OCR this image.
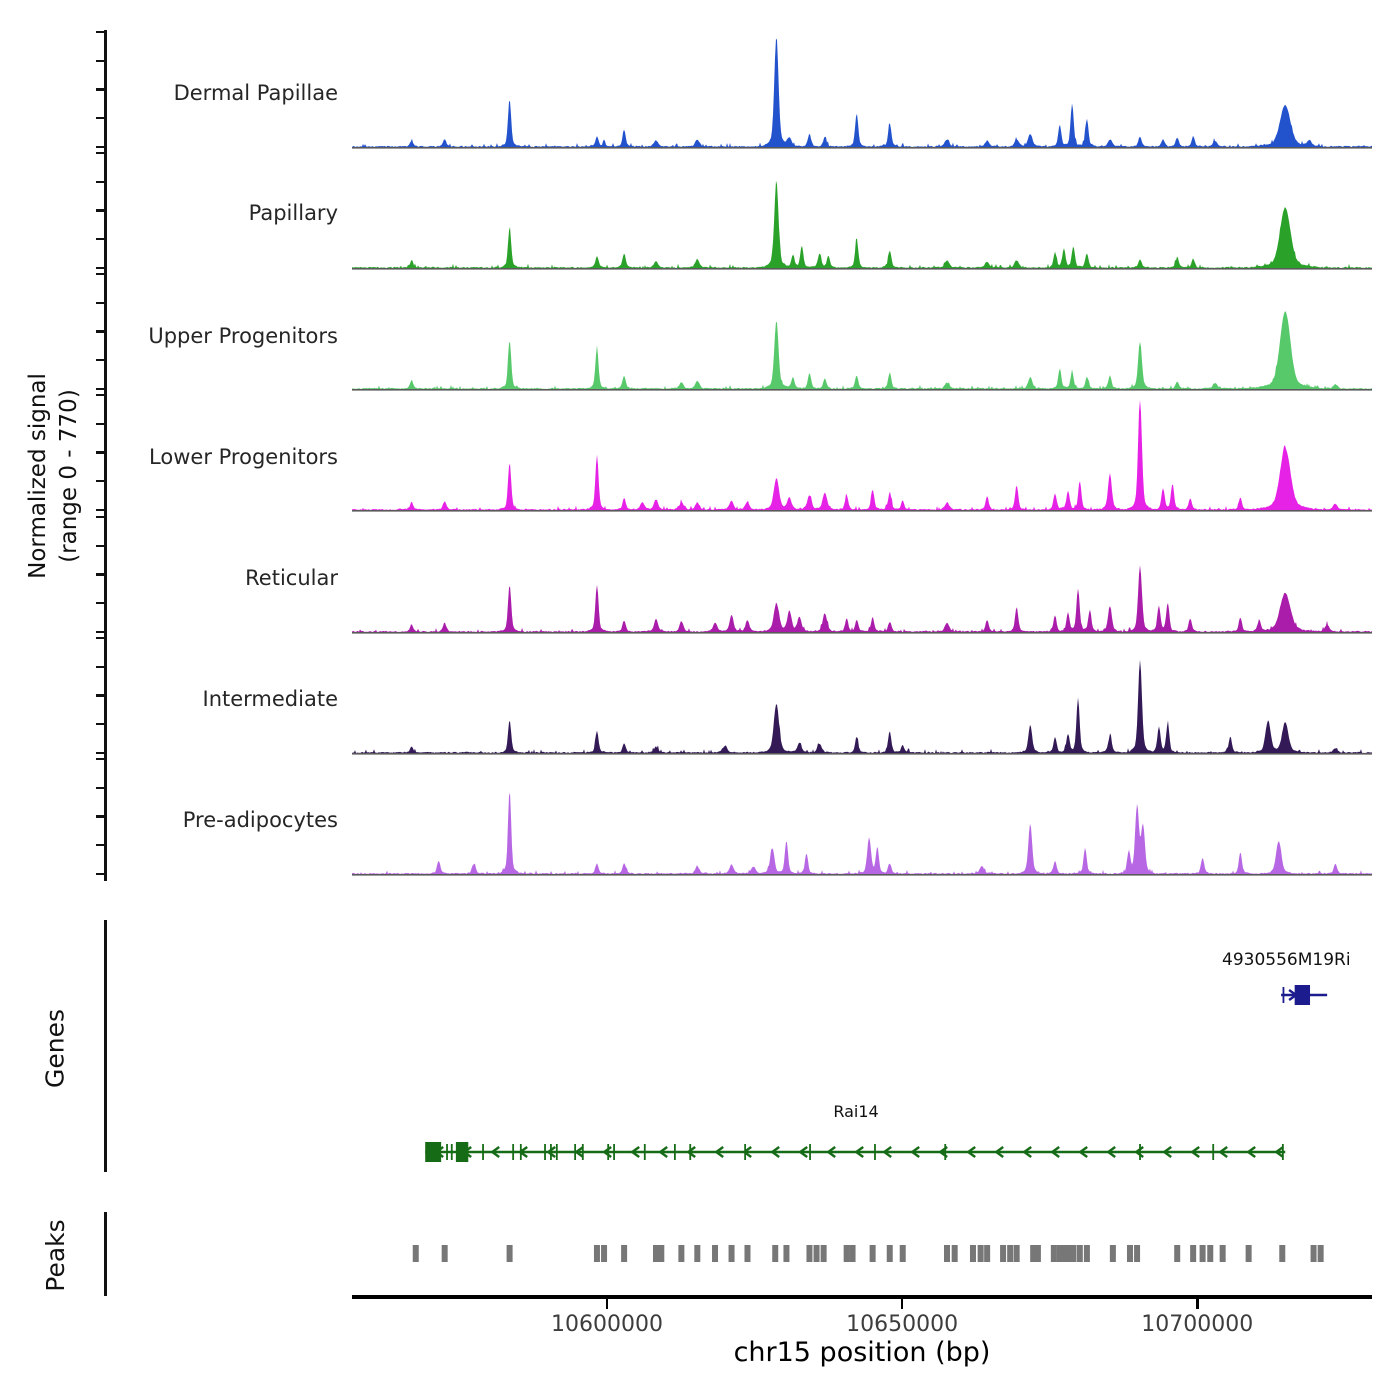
Normalized signal (range 0 - 770)
Dermal Papillae
Papillary
Upper Progenitors
Lower Progenitors
Reticular
Intermediate
Pre-adipocytes
Genes
4930556M19Ri
Rai14
Peaks
10600000	10650000	10700000
chr15 position (bp)
